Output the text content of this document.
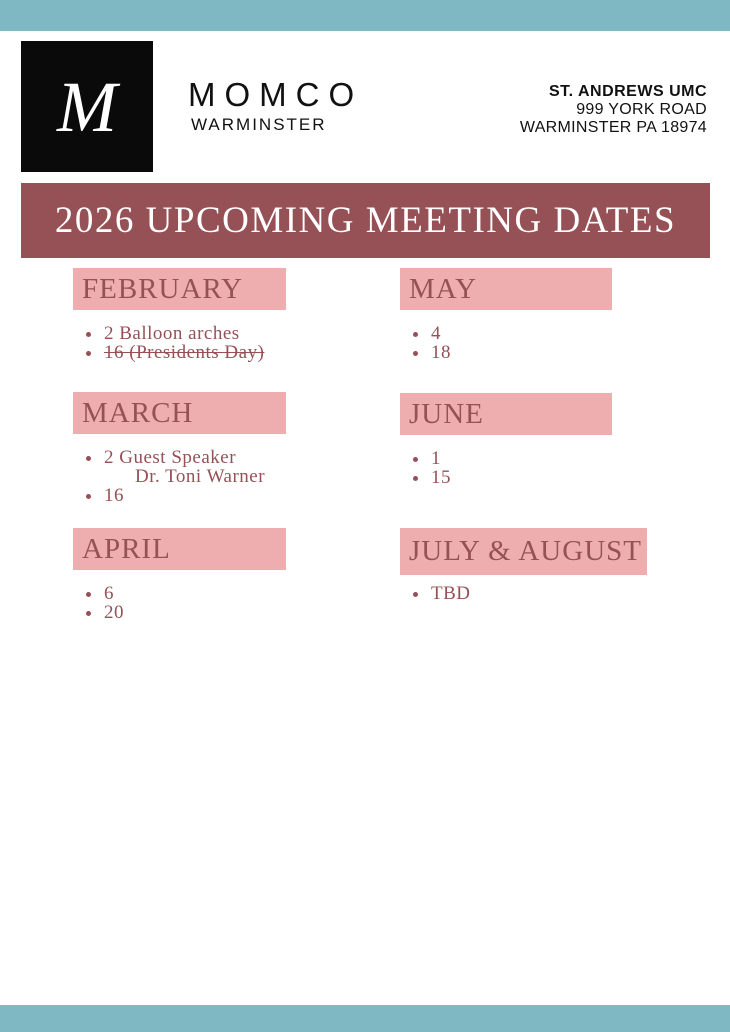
M MOMCO
WARMINSTER
ST. ANDREWS UMC
999 YORK ROAD
WARMINSTER PA 18974
2026 UPCOMING MEETING DATES
FEBRUARY
2 Balloon arches
16 (Presidents Day)
MARCH
2 Guest Speaker
Dr. Toni Warner
16
APRIL
6
20
MAY
4
18
JUNE
1
15
JULY & AUGUST
TBD
